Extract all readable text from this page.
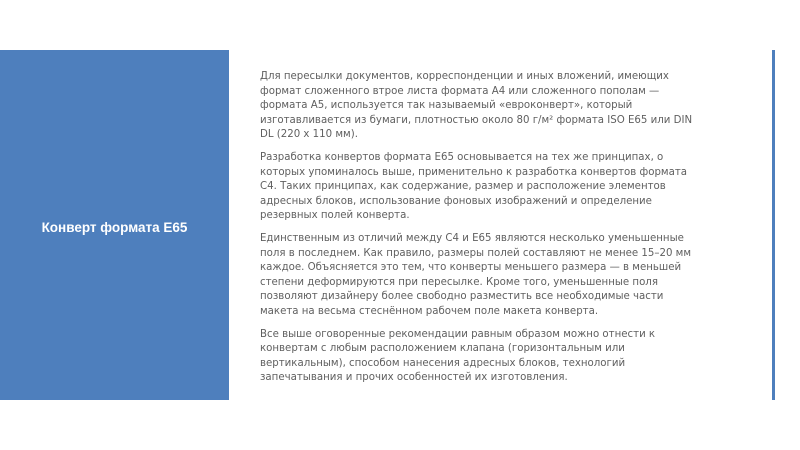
Конверт формата Е65

Для пересылки документов, корреспонденции и иных вложений, имеющих формат сложенного втрое листа формата А4 или сложенного пополам — формата А5, используется так называемый «евроконверт», который изготавливается из бумаги, плотностью около 80 г/м² формата ISO Е65 или DIN DL (220 х 110 мм).

Разработка конвертов формата Е65 основывается на тех же принципах, о которых упоминалось выше, применительно к разработка конвертов формата С4. Таких принципах, как содержание, размер и расположение элементов адресных блоков, использование фоновых изображений и определение резервных полей конверта.

Единственным из отличий между С4 и Е65 являются несколько уменьшенные поля в последнем. Как правило, размеры полей составляют не менее 15–20 мм каждое. Объясняется это тем, что конверты меньшего размера — в меньшей степени деформируются при пересылке. Кроме того, уменьшенные поля позволяют дизайнеру более свободно разместить все необходимые части макета на весьма стеснённом рабочем поле макета конверта.

Все выше оговоренные рекомендации равным образом можно отнести к конвертам с любым расположением клапана (горизонтальным или вертикальным), способом нанесения адресных блоков, технологий запечатывания и прочих особенностей их изготовления.
